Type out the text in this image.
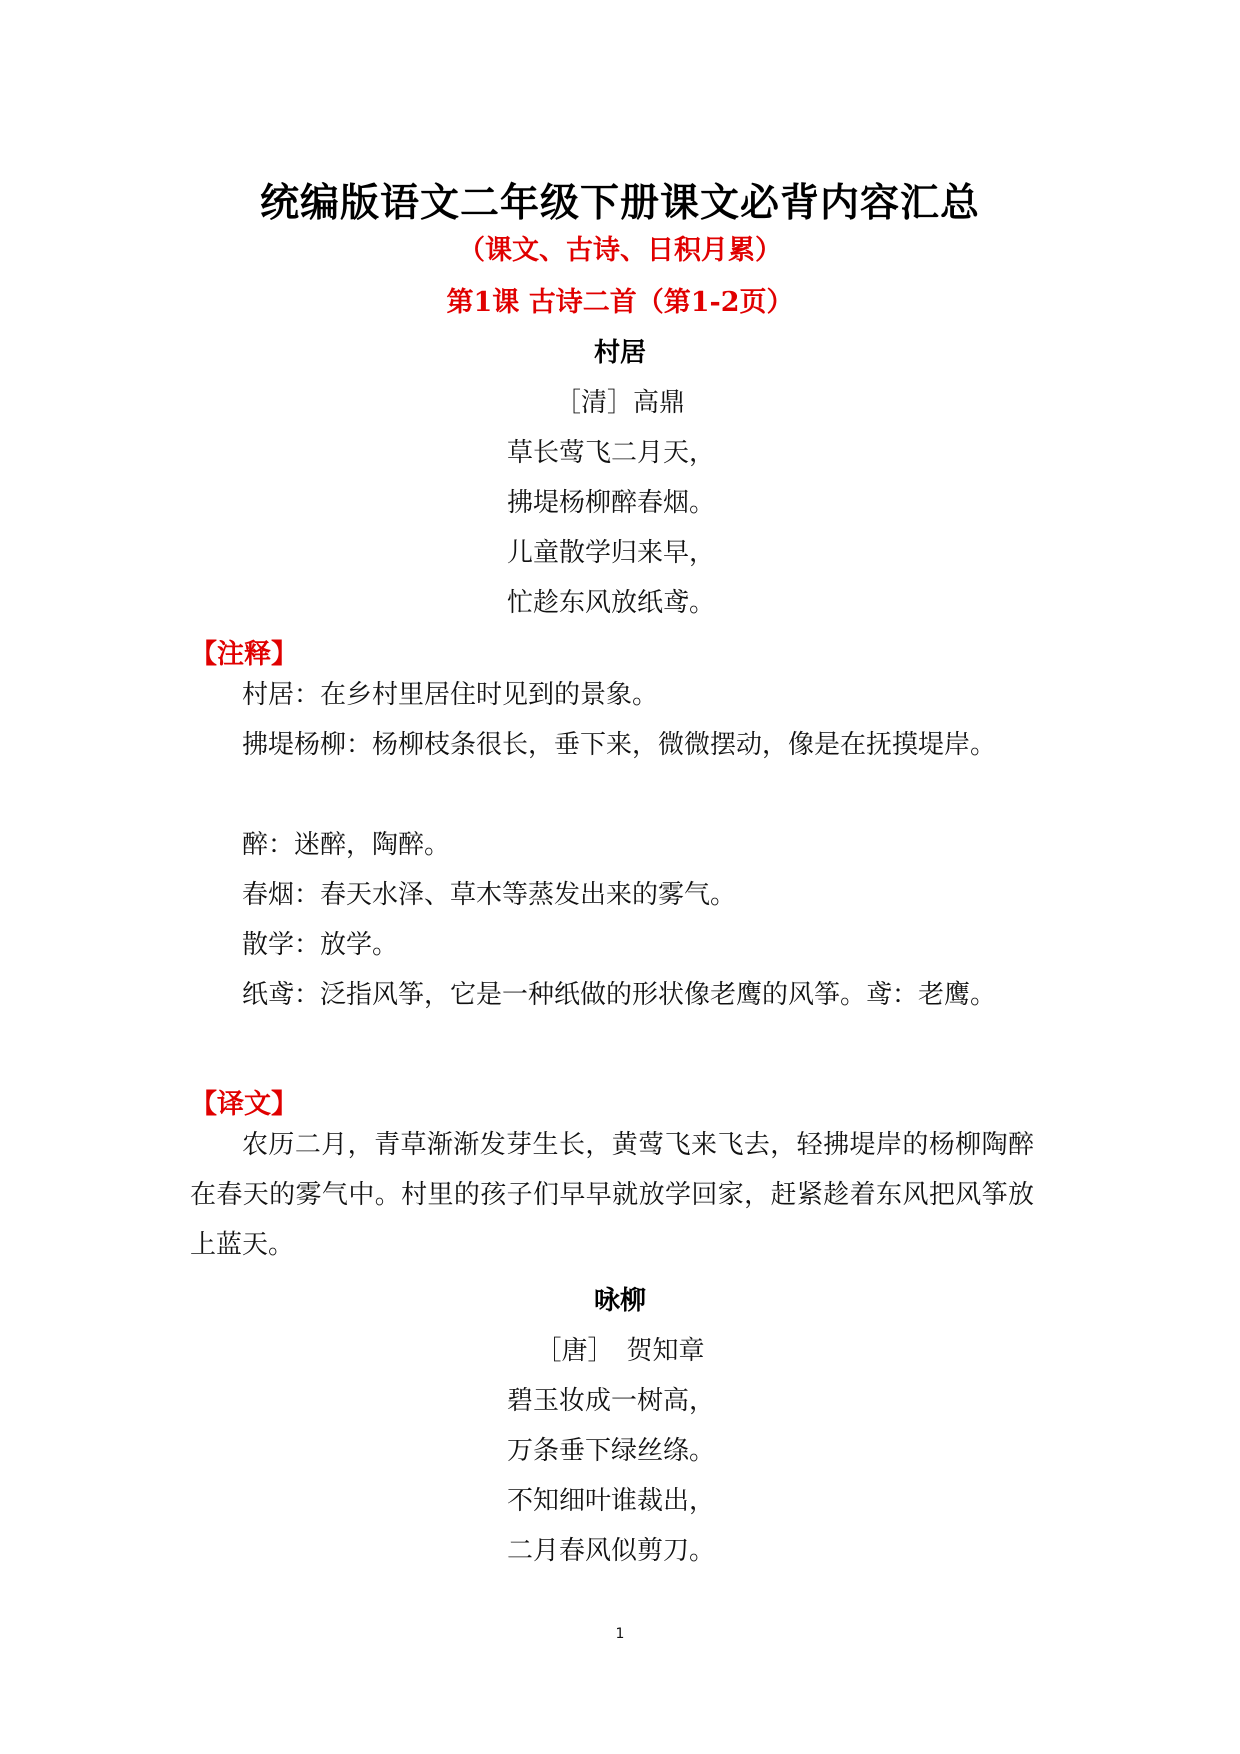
统编版语文二年级下册课文必背内容汇总
（课文、古诗、日积月累）
第1课 古诗二首（第1-2页）
村居
［清］高鼎
草长莺飞二月天，
拂堤杨柳醉春烟。
儿童散学归来早，
忙趁东风放纸鸢。
【注释】
村居：在乡村里居住时见到的景象。
拂堤杨柳：杨柳枝条很长，垂下来，微微摆动，像是在抚摸堤岸。
醉：迷醉，陶醉。
春烟：春天水泽、草木等蒸发出来的雾气。
散学：放学。
纸鸢：泛指风筝，它是一种纸做的形状像老鹰的风筝。鸢：老鹰。
【译文】
农历二月，青草渐渐发芽生长，黄莺飞来飞去，轻拂堤岸的杨柳陶醉在春天的雾气中。村里的孩子们早早就放学回家，赶紧趁着东风把风筝放上蓝天。
咏柳
［唐］　贺知章
碧玉妆成一树高，
万条垂下绿丝绦。
不知细叶谁裁出，
二月春风似剪刀。
1
